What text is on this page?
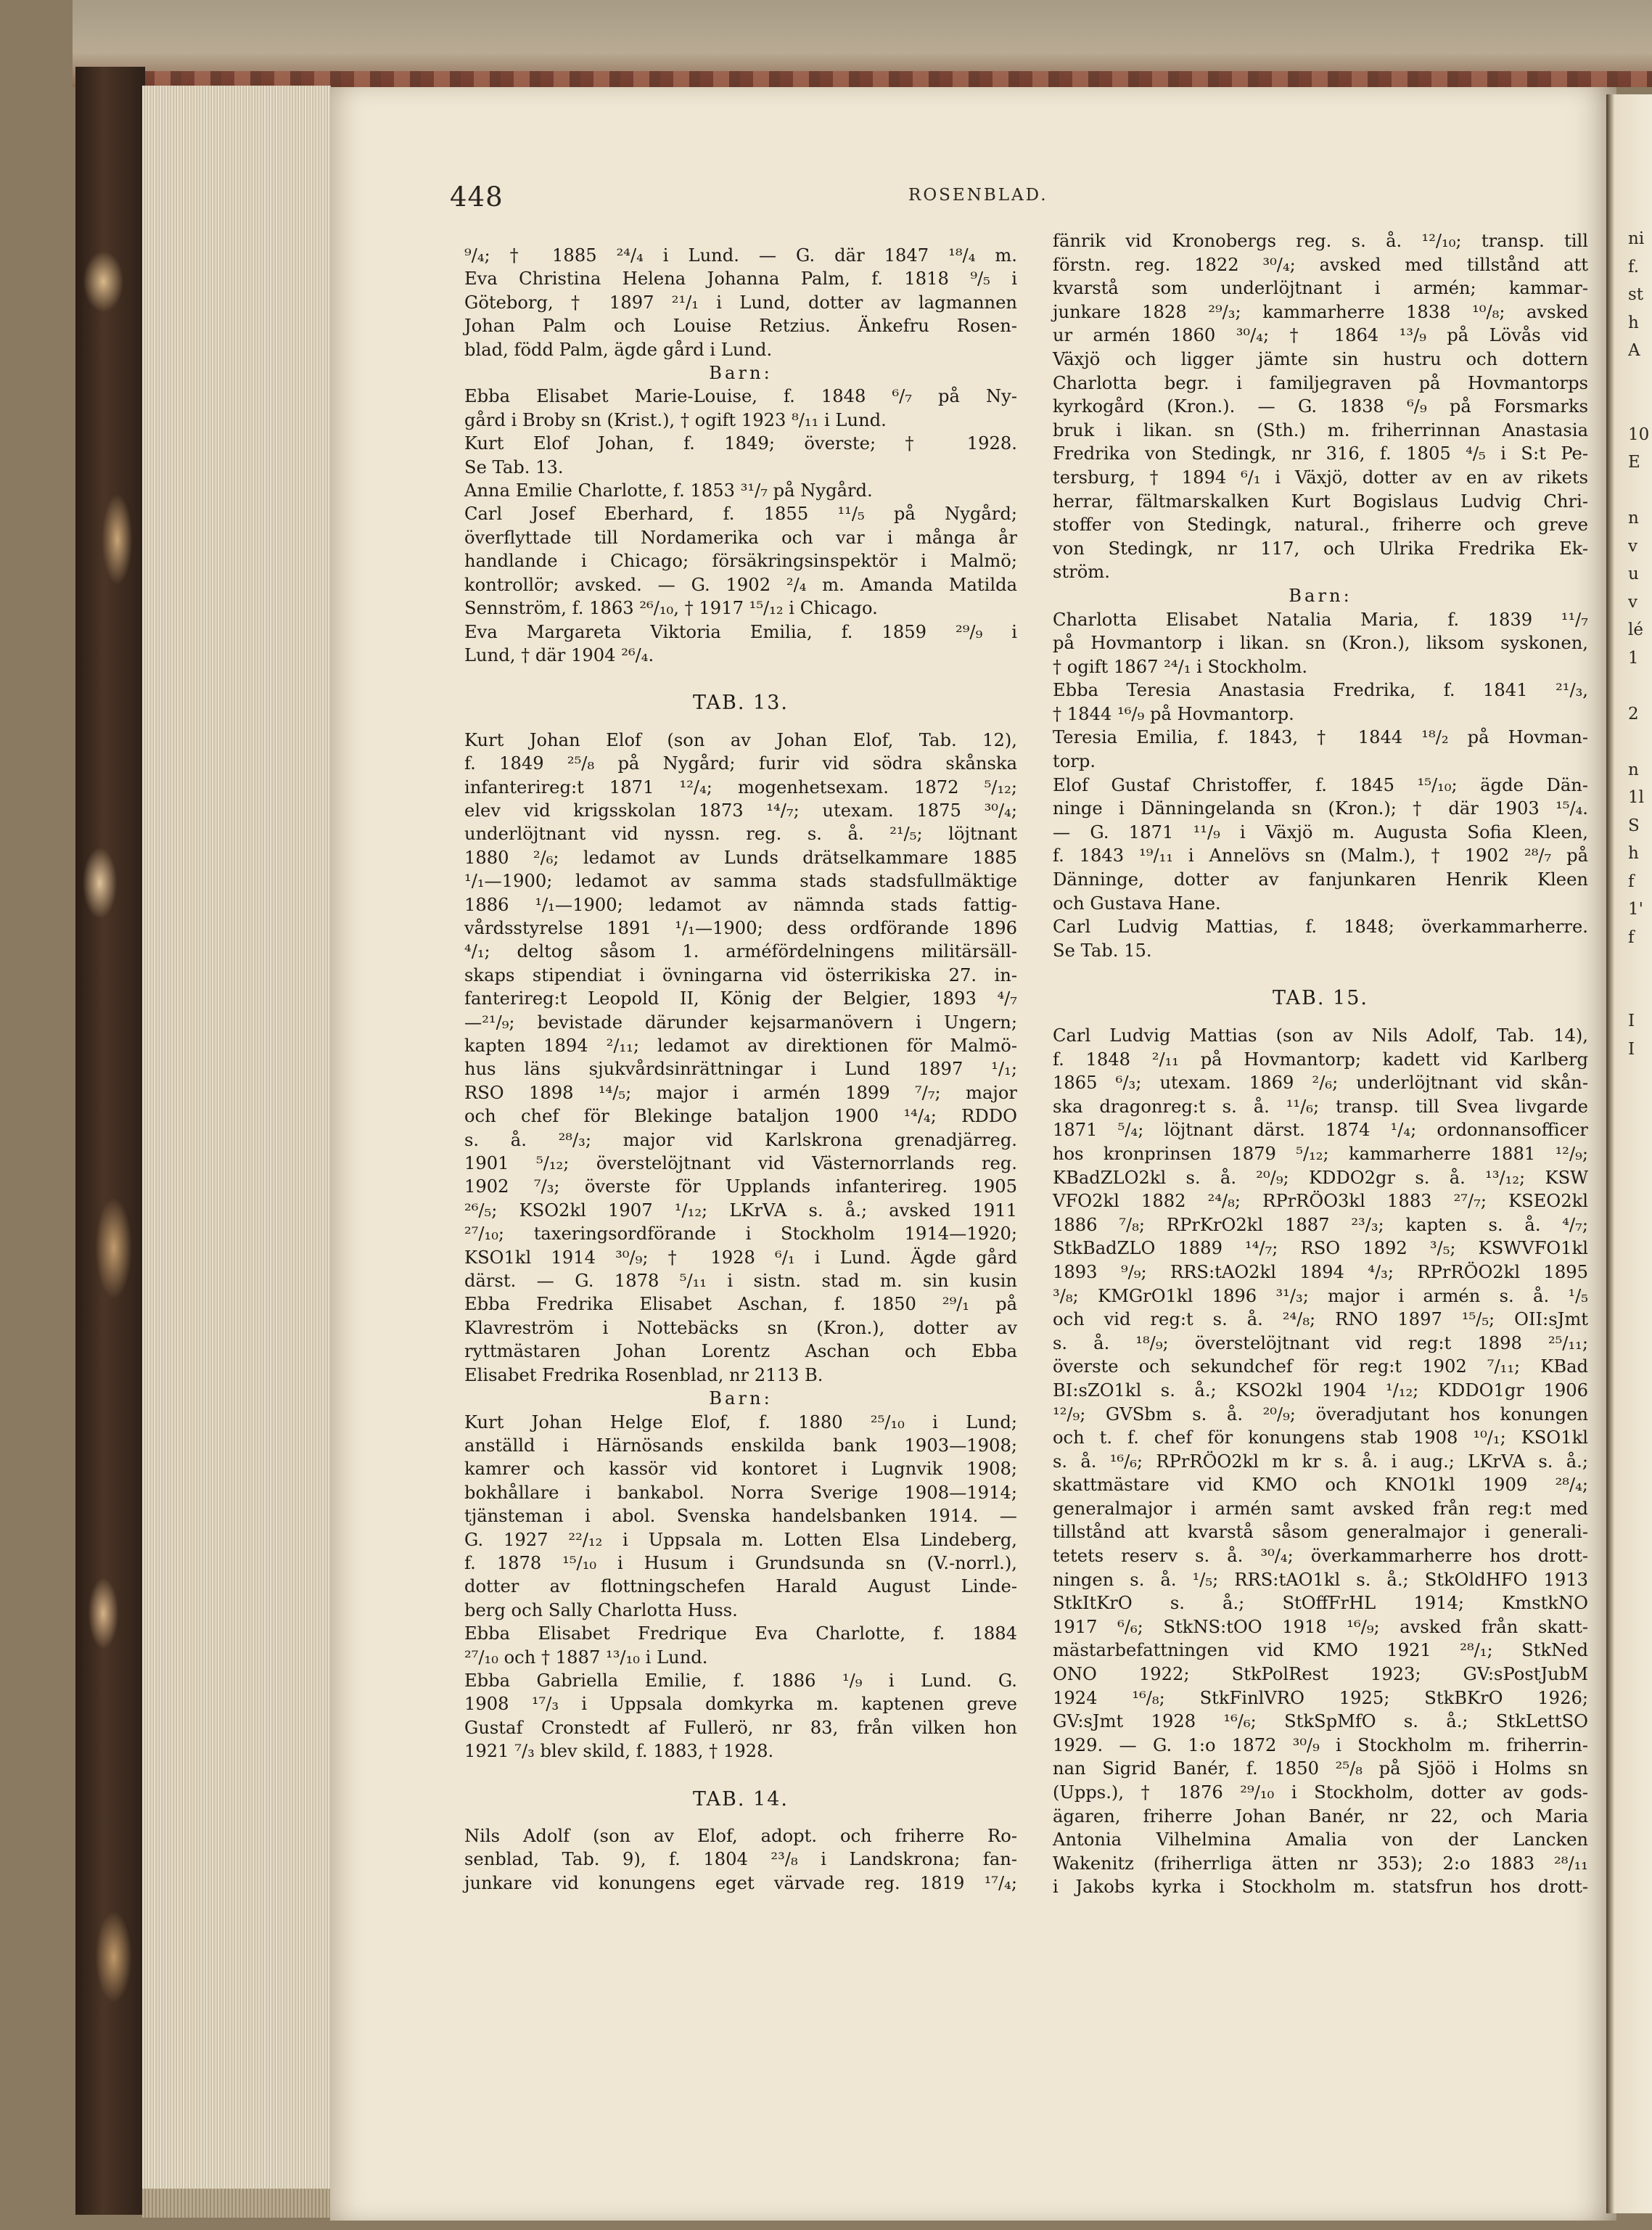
ni
f.
st
h
A
10
E
n
v
u
v
lé
1
2
n
1l
S
h
f
1'
f
I
I
448	ROSENBLAD.

⁹/₄; † 1885 ²⁴/₄ i Lund. — G. där 1847 ¹⁸/₄ m.

Eva Christina Helena Johanna Palm, f. 1818 ⁹/₅ i

Göteborg, † 1897 ²¹/₁ i Lund, dotter av lagmannen

Johan Palm och Louise Retzius. Änkefru Rosen-

blad, född Palm, ägde gård i Lund.

Barn:

Ebba Elisabet Marie-Louise, f. 1848 ⁶/₇ på Ny-

gård i Broby sn (Krist.), † ogift 1923 ⁸/₁₁ i Lund.

Kurt Elof Johan, f. 1849; överste; † 1928.

Se Tab. 13.

Anna Emilie Charlotte, f. 1853 ³¹/₇ på Nygård.

Carl Josef Eberhard, f. 1855 ¹¹/₅ på Nygård;

överflyttade till Nordamerika och var i många år

handlande i Chicago; försäkringsinspektör i Malmö;

kontrollör; avsked. — G. 1902 ²/₄ m. Amanda Matilda

Sennström, f. 1863 ²⁶/₁₀, † 1917 ¹⁵/₁₂ i Chicago.

Eva Margareta Viktoria Emilia, f. 1859 ²⁹/₉ i

Lund, † där 1904 ²⁶/₄.

TAB. 13.

Kurt Johan Elof (son av Johan Elof, Tab. 12),

f. 1849 ²⁵/₈ på Nygård; furir vid södra skånska

infanterireg:t 1871 ¹²/₄; mogenhetsexam. 1872 ⁵/₁₂;

elev vid krigsskolan 1873 ¹⁴/₇; utexam. 1875 ³⁰/₄;

underlöjtnant vid nyssn. reg. s. å. ²¹/₅; löjtnant

1880 ²/₆; ledamot av Lunds drätselkammare 1885

¹/₁—1900; ledamot av samma stads stadsfullmäktige

1886 ¹/₁—1900; ledamot av nämnda stads fattig-

vårdsstyrelse 1891 ¹/₁—1900; dess ordförande 1896

⁴/₁; deltog såsom 1. arméfördelningens militärsäll-

skaps stipendiat i övningarna vid österrikiska 27. in-

fanterireg:t Leopold II, König der Belgier, 1893 ⁴/₇

—²¹/₉; bevistade därunder kejsarmanövern i Ungern;

kapten 1894 ²/₁₁; ledamot av direktionen för Malmö-

hus läns sjukvårdsinrättningar i Lund 1897 ¹/₁;

RSO 1898 ¹⁴/₅; major i armén 1899 ⁷/₇; major

och chef för Blekinge bataljon 1900 ¹⁴/₄; RDDO

s. å. ²⁸/₃; major vid Karlskrona grenadjärreg.

1901 ⁵/₁₂; överstelöjtnant vid Västernorrlands reg.

1902 ⁷/₃; överste för Upplands infanterireg. 1905

²⁶/₅; KSO2kl 1907 ¹/₁₂; LKrVA s. å.; avsked 1911

²⁷/₁₀; taxeringsordförande i Stockholm 1914—1920;

KSO1kl 1914 ³⁰/₉; † 1928 ⁶/₁ i Lund. Ägde gård

därst. — G. 1878 ⁵/₁₁ i sistn. stad m. sin kusin

Ebba Fredrika Elisabet Aschan, f. 1850 ²⁹/₁ på

Klavreström i Nottebäcks sn (Kron.), dotter av

ryttmästaren Johan Lorentz Aschan och Ebba

Elisabet Fredrika Rosenblad, nr 2113 B.

Barn:

Kurt Johan Helge Elof, f. 1880 ²⁵/₁₀ i Lund;

anställd i Härnösands enskilda bank 1903—1908;

kamrer och kassör vid kontoret i Lugnvik 1908;

bokhållare i bankabol. Norra Sverige 1908—1914;

tjänsteman i abol. Svenska handelsbanken 1914. —

G. 1927 ²²/₁₂ i Uppsala m. Lotten Elsa Lindeberg,

f. 1878 ¹⁵/₁₀ i Husum i Grundsunda sn (V.-norrl.),

dotter av flottningschefen Harald August Linde-

berg och Sally Charlotta Huss.

Ebba Elisabet Fredrique Eva Charlotte, f. 1884

²⁷/₁₀ och † 1887 ¹³/₁₀ i Lund.

Ebba Gabriella Emilie, f. 1886 ¹/₉ i Lund. G.

1908 ¹⁷/₃ i Uppsala domkyrka m. kaptenen greve

Gustaf Cronstedt af Fullerö, nr 83, från vilken hon

1921 ⁷/₃ blev skild, f. 1883, † 1928.

TAB. 14.

Nils Adolf (son av Elof, adopt. och friherre Ro-

senblad, Tab. 9), f. 1804 ²³/₈ i Landskrona; fan-

junkare vid konungens eget värvade reg. 1819 ¹⁷/₄;

fänrik vid Kronobergs reg. s. å. ¹²/₁₀; transp. till

förstn. reg. 1822 ³⁰/₄; avsked med tillstånd att

kvarstå som underlöjtnant i armén; kammar-

junkare 1828 ²⁹/₃; kammarherre 1838 ¹⁰/₈; avsked

ur armén 1860 ³⁰/₄; † 1864 ¹³/₉ på Lövås vid

Växjö och ligger jämte sin hustru och dottern

Charlotta begr. i familjegraven på Hovmantorps

kyrkogård (Kron.). — G. 1838 ⁶/₉ på Forsmarks

bruk i likan. sn (Sth.) m. friherrinnan Anastasia

Fredrika von Stedingk, nr 316, f. 1805 ⁴/₅ i S:t Pe-

tersburg, † 1894 ⁶/₁ i Växjö, dotter av en av rikets

herrar, fältmarskalken Kurt Bogislaus Ludvig Chri-

stoffer von Stedingk, natural., friherre och greve

von Stedingk, nr 117, och Ulrika Fredrika Ek-

ström.

Barn:

Charlotta Elisabet Natalia Maria, f. 1839 ¹¹/₇

på Hovmantorp i likan. sn (Kron.), liksom syskonen,

† ogift 1867 ²⁴/₁ i Stockholm.

Ebba Teresia Anastasia Fredrika, f. 1841 ²¹/₃,

† 1844 ¹⁶/₉ på Hovmantorp.

Teresia Emilia, f. 1843, † 1844 ¹⁸/₂ på Hovman-

torp.

Elof Gustaf Christoffer, f. 1845 ¹⁵/₁₀; ägde Dän-

ninge i Dänningelanda sn (Kron.); † där 1903 ¹⁵/₄.

— G. 1871 ¹¹/₉ i Växjö m. Augusta Sofia Kleen,

f. 1843 ¹⁹/₁₁ i Annelövs sn (Malm.), † 1902 ²⁸/₇ på

Dänninge, dotter av fanjunkaren Henrik Kleen

och Gustava Hane.

Carl Ludvig Mattias, f. 1848; överkammarherre.

Se Tab. 15.

TAB. 15.

Carl Ludvig Mattias (son av Nils Adolf, Tab. 14),

f. 1848 ²/₁₁ på Hovmantorp; kadett vid Karlberg

1865 ⁶/₃; utexam. 1869 ²/₆; underlöjtnant vid skån-

ska dragonreg:t s. å. ¹¹/₆; transp. till Svea livgarde

1871 ⁵/₄; löjtnant därst. 1874 ¹/₄; ordonnansofficer

hos kronprinsen 1879 ⁵/₁₂; kammarherre 1881 ¹²/₉;

KBadZLO2kl s. å. ²⁰/₉; KDDO2gr s. å. ¹³/₁₂; KSW

VFO2kl 1882 ²⁴/₈; RPrRÖO3kl 1883 ²⁷/₇; KSEO2kl

1886 ⁷/₈; RPrKrO2kl 1887 ²³/₃; kapten s. å. ⁴/₇;

StkBadZLO 1889 ¹⁴/₇; RSO 1892 ³/₅; KSWVFO1kl

1893 ⁹/₉; RRS:tAO2kl 1894 ⁴/₃; RPrRÖO2kl 1895

³/₈; KMGrO1kl 1896 ³¹/₃; major i armén s. å. ¹/₅

och vid reg:t s. å. ²⁴/₈; RNO 1897 ¹⁵/₅; OII:sJmt

s. å. ¹⁸/₉; överstelöjtnant vid reg:t 1898 ²⁵/₁₁;

överste och sekundchef för reg:t 1902 ⁷/₁₁; KBad

BI:sZO1kl s. å.; KSO2kl 1904 ¹/₁₂; KDDO1gr 1906

¹²/₉; GVSbm s. å. ²⁰/₉; överadjutant hos konungen

och t. f. chef för konungens stab 1908 ¹⁰/₁; KSO1kl

s. å. ¹⁶/₆; RPrRÖO2kl m kr s. å. i aug.; LKrVA s. å.;

skattmästare vid KMO och KNO1kl 1909 ²⁸/₄;

generalmajor i armén samt avsked från reg:t med

tillstånd att kvarstå såsom generalmajor i generali-

tetets reserv s. å. ³⁰/₄; överkammarherre hos drott-

ningen s. å. ¹/₅; RRS:tAO1kl s. å.; StkOldHFO 1913

StkItKrO s. å.; StOffFrHL 1914; KmstkNO

1917 ⁶/₆; StkNS:tOO 1918 ¹⁶/₉; avsked från skatt-

mästarbefattningen vid KMO 1921 ²⁸/₁; StkNed

ONO 1922; StkPolRest 1923; GV:sPostJubM

1924 ¹⁶/₈; StkFinlVRO 1925; StkBKrO 1926;

GV:sJmt 1928 ¹⁶/₆; StkSpMfO s. å.; StkLettSO

1929. — G. 1:o 1872 ³⁰/₉ i Stockholm m. friherrin-

nan Sigrid Banér, f. 1850 ²⁵/₈ på Sjöö i Holms sn

(Upps.), † 1876 ²⁹/₁₀ i Stockholm, dotter av gods-

ägaren, friherre Johan Banér, nr 22, och Maria

Antonia Vilhelmina Amalia von der Lancken

Wakenitz (friherrliga ätten nr 353); 2:o 1883 ²⁸/₁₁

i Jakobs kyrka i Stockholm m. statsfrun hos drott-
